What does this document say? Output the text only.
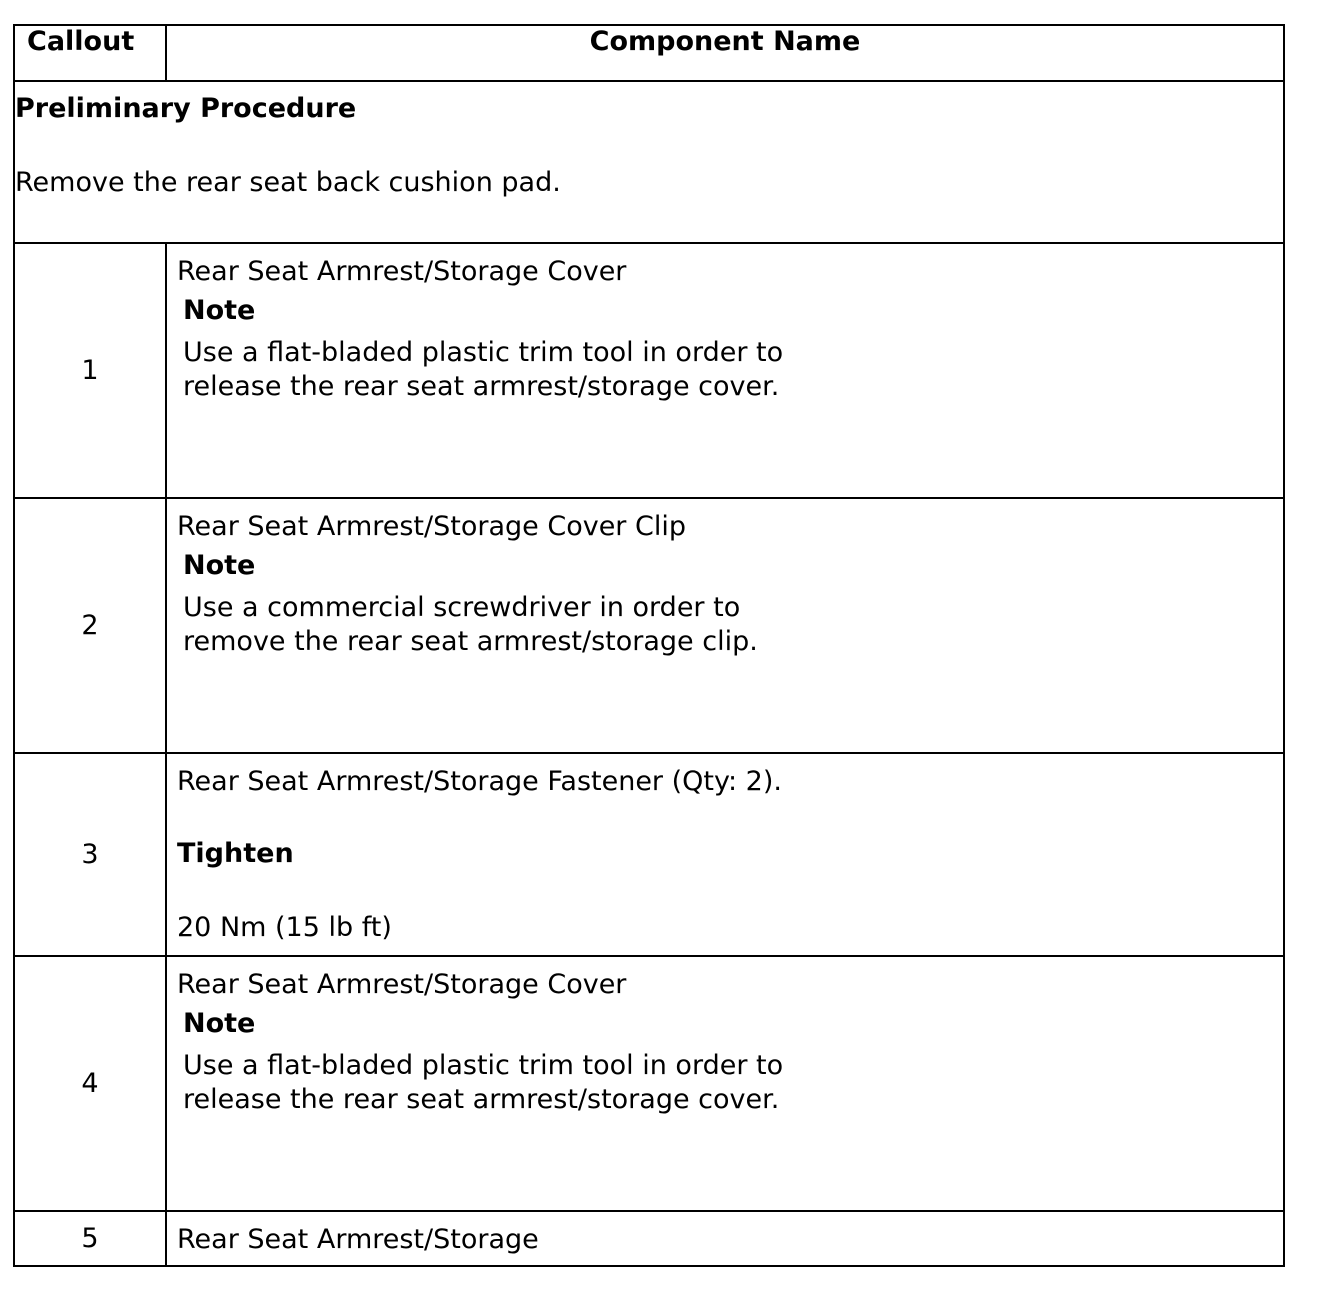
Callout	Component Name

Preliminary Procedure
Remove the rear seat back cushion pad.	

1	Rear Seat Armrest/Storage Cover
Note
Use a flat-bladed plastic trim tool in order to release the rear seat armrest/storage cover.

2	Rear Seat Armrest/Storage Cover Clip
Note
Use a commercial screwdriver in order to remove the rear seat armrest/storage clip.

3	Rear Seat Armrest/Storage Fastener (Qty: 2).
Tighten
20 Nm (15 lb ft)

4	Rear Seat Armrest/Storage Cover
Note
Use a flat-bladed plastic trim tool in order to release the rear seat armrest/storage cover.

5	Rear Seat Armrest/Storage
